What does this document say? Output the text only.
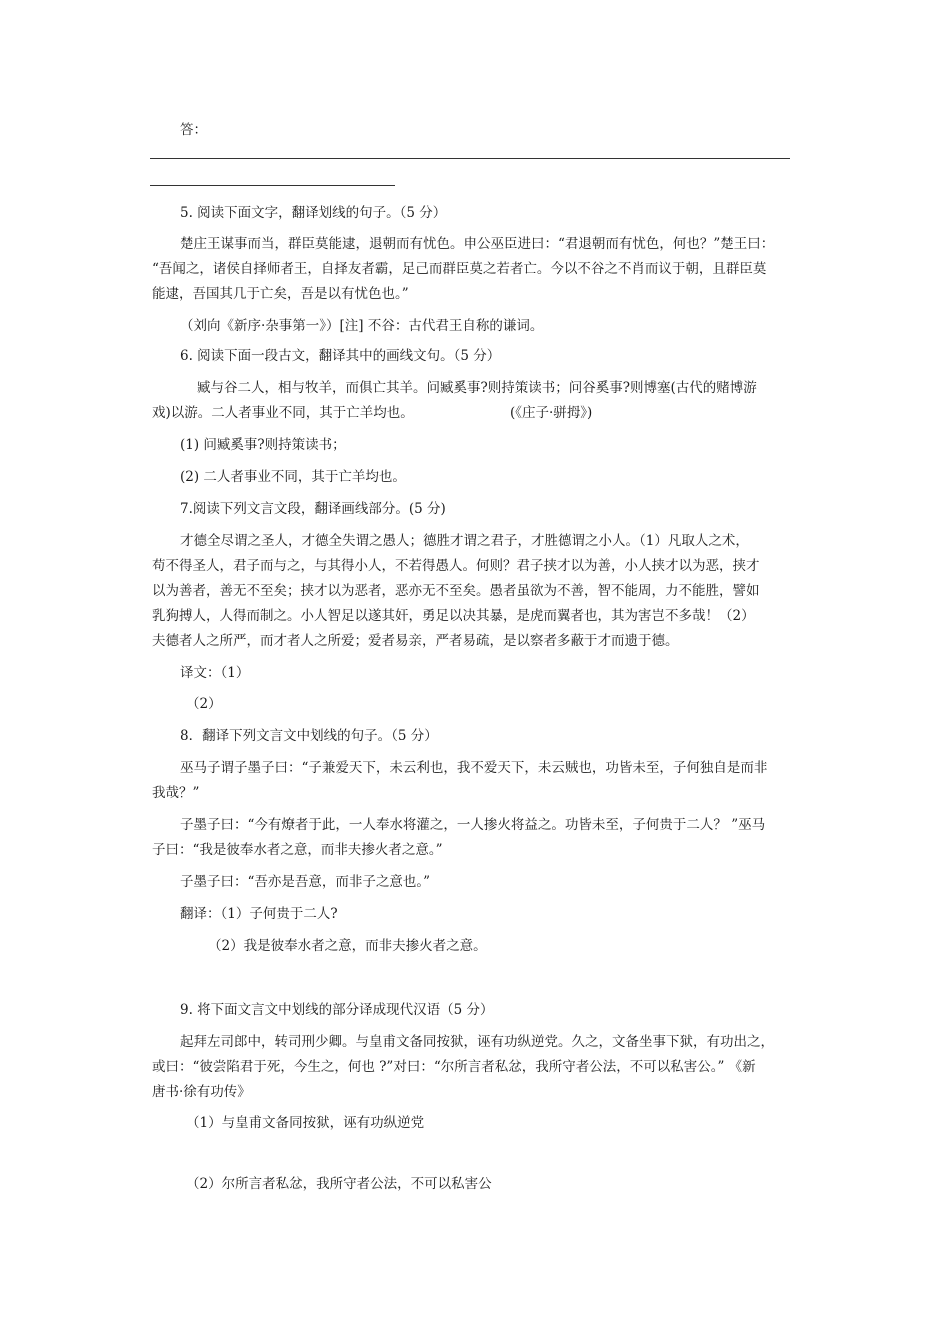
答：
5. 阅读下面文字，翻译划线的句子。（5 分）
楚庄王谋事而当，群臣莫能逮，退朝而有忧色。申公巫臣进曰：“君退朝而有忧色，何也？”楚王曰：
“吾闻之，诸侯自择师者王，自择友者霸，足己而群臣莫之若者亡。今以不谷之不肖而议于朝，且群臣莫
能逮，吾国其几于亡矣，吾是以有忧色也。”
（刘向《新序·杂事第一》）[注] 不谷：古代君王自称的谦词。
6. 阅读下面一段古文，翻译其中的画线文句。（5 分）
臧与谷二人，相与牧羊，而俱亡其羊。问臧奚事?则持策读书；问谷奚事?则博塞(古代的赌博游
戏)以游。二人者事业不同，其于亡羊均也。	(《庄子·骈拇》)
(1) 问臧奚事?则持策读书；
(2) 二人者事业不同，其于亡羊均也。
7.阅读下列文言文段，翻译画线部分。(5 分)
才德全尽谓之圣人，才德全失谓之愚人；德胜才谓之君子，才胜德谓之小人。（1）凡取人之术，
苟不得圣人，君子而与之，与其得小人，不若得愚人。何则？君子挟才以为善，小人挟才以为恶，挟才
以为善者，善无不至矣；挟才以为恶者，恶亦无不至矣。愚者虽欲为不善，智不能周，力不能胜，譬如
乳狗搏人，人得而制之。小人智足以遂其奸，勇足以决其暴，是虎而翼者也，其为害岂不多哉！（2）
夫德者人之所严，而才者人之所爱；爱者易亲，严者易疏，是以察者多蔽于才而遗于德。
译文：（1）
（2）
8．翻译下列文言文中划线的句子。（5 分）
巫马子谓子墨子曰：“子兼爱天下，未云利也，我不爱天下，未云贼也，功皆未至，子何独自是而非
我哉？”
子墨子曰：“今有燎者于此，一人奉水将灌之，一人掺火将益之。功皆未至，子何贵于二人？ ”巫马
子曰：“我是彼奉水者之意，而非夫掺火者之意。”
子墨子曰：“吾亦是吾意，而非子之意也。”
翻译：（1）子何贵于二人?
（2）我是彼奉水者之意，而非夫掺火者之意。
9. 将下面文言文中划线的部分译成现代汉语（5 分）
起拜左司郎中，转司刑少卿。与皇甫文备同按狱，诬有功纵逆党。久之，文备坐事下狱，有功出之，
或曰：“彼尝陷君于死，今生之，何也 ?”对曰：“尔所言者私忿，我所守者公法，不可以私害公。” 《新
唐书·徐有功传》
（1）与皇甫文备同按狱，诬有功纵逆党
（2）尔所言者私忿，我所守者公法，不可以私害公
